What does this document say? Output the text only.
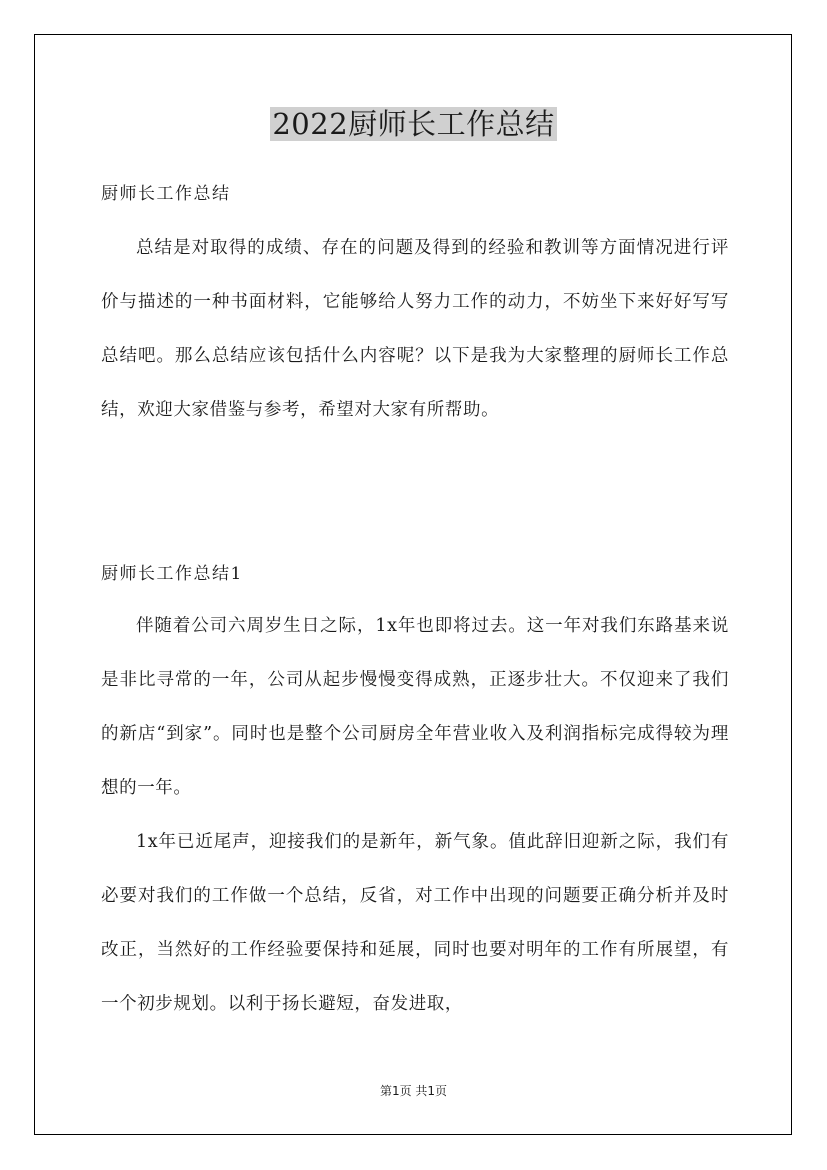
2022厨师长工作总结
厨师长工作总结

总结是对取得的成绩、存在的问题及得到的经验和教训等方面情况进行评价与描述的一种书面材料，它能够给人努力工作的动力，不妨坐下来好好写写总结吧。那么总结应该包括什么内容呢？以下是我为大家整理的厨师长工作总结，欢迎大家借鉴与参考，希望对大家有所帮助。

厨师长工作总结1

伴随着公司六周岁生日之际，1x年也即将过去。这一年对我们东路基来说是非比寻常的一年，公司从起步慢慢变得成熟，正逐步壮大。不仅迎来了我们的新店“到家”。同时也是整个公司厨房全年营业收入及利润指标完成得较为理想的一年。

1x年已近尾声，迎接我们的是新年，新气象。值此辞旧迎新之际，我们有必要对我们的工作做一个总结，反省，对工作中出现的问题要正确分析并及时改正，当然好的工作经验要保持和延展，同时也要对明年的工作有所展望，有一个初步规划。以利于扬长避短，奋发进取，

第1页 共1页
